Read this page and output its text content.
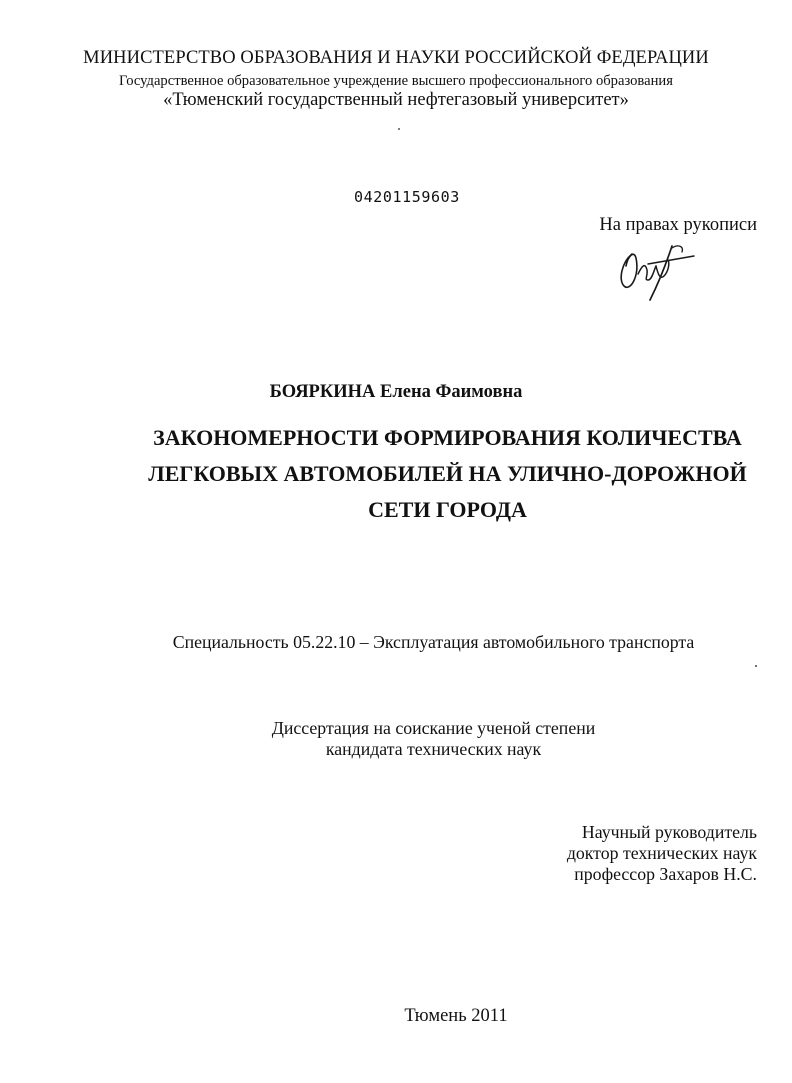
МИНИСТЕРСТВО ОБРАЗОВАНИЯ И НАУКИ РОССИЙСКОЙ ФЕДЕРАЦИИ
Государственное образовательное учреждение высшего профессионального образования
«Тюменский государственный нефтегазовый университет»
04201159603
На правах рукописи
БОЯРКИНА Елена Фаимовна
ЗАКОНОМЕРНОСТИ ФОРМИРОВАНИЯ КОЛИЧЕСТВА
ЛЕГКОВЫХ АВТОМОБИЛЕЙ НА УЛИЧНО-ДОРОЖНОЙ
СЕТИ ГОРОДА
Специальность 05.22.10 – Эксплуатация автомобильного транспорта
Диссертация на соискание ученой степени
кандидата технических наук
Научный руководитель
доктор технических наук
профессор Захаров Н.С.
Тюмень 2011
